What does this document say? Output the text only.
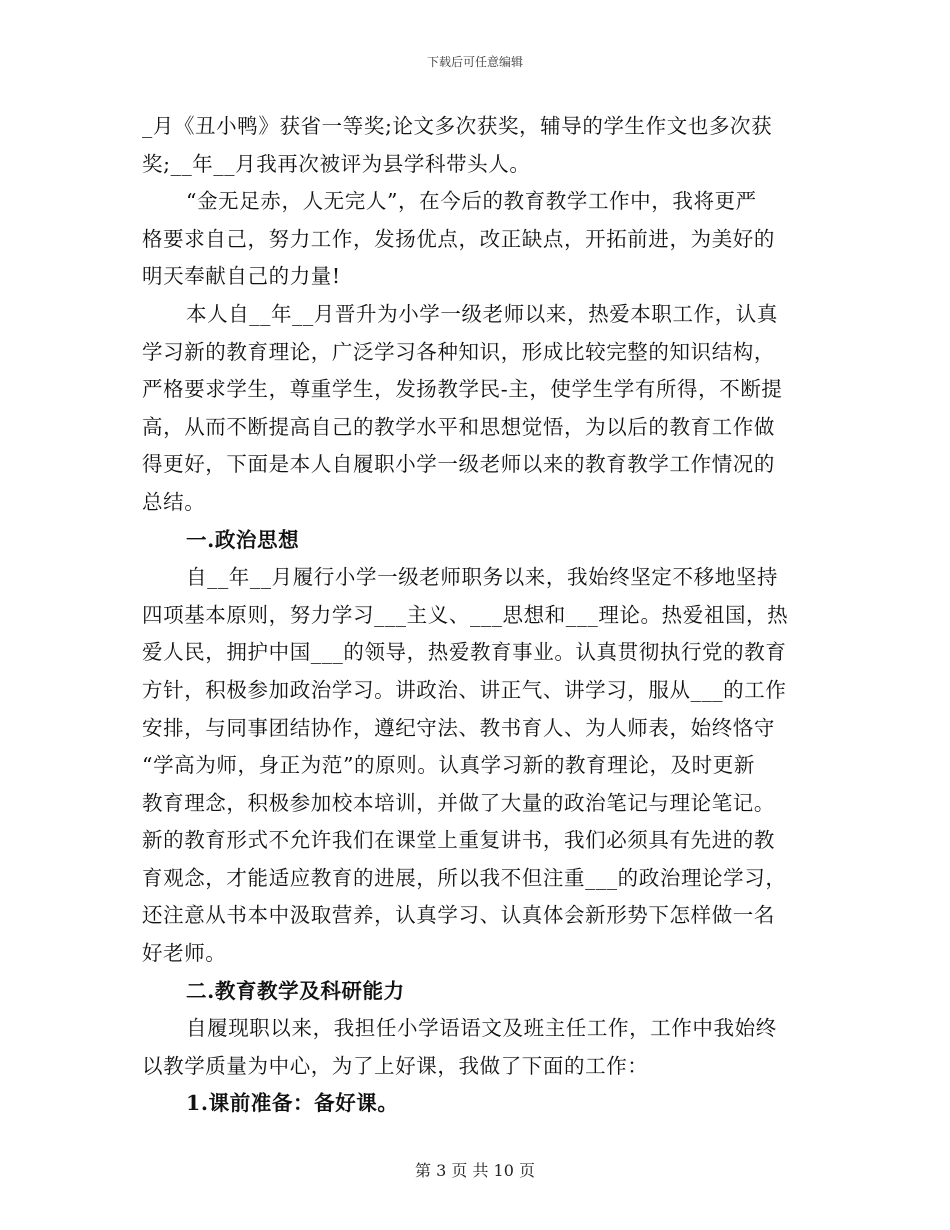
下载后可任意编辑
_月《丑小鸭》获省一等奖;论文多次获奖，辅导的学生作文也多次获
奖;__年__月我再次被评为县学科带头人。
“金无足赤，人无完人”，在今后的教育教学工作中，我将更严
格要求自己，努力工作，发扬优点，改正缺点，开拓前进，为美好的
明天奉献自己的力量!
本人自__年__月晋升为小学一级老师以来，热爱本职工作，认真
学习新的教育理论，广泛学习各种知识，形成比较完整的知识结构，
严格要求学生，尊重学生，发扬教学民-主，使学生学有所得，不断提
高，从而不断提高自己的教学水平和思想觉悟，为以后的教育工作做
得更好，下面是本人自履职小学一级老师以来的教育教学工作情况的
总结。
一.政治思想
自__年__月履行小学一级老师职务以来，我始终坚定不移地坚持
四项基本原则，努力学习___主义、___思想和___理论。热爱祖国，热
爱人民，拥护中国___的领导，热爱教育事业。认真贯彻执行党的教育
方针，积极参加政治学习。讲政治、讲正气、讲学习，服从___的工作
安排，与同事团结协作，遵纪守法、教书育人、为人师表，始终恪守
“学高为师，身正为范”的原则。认真学习新的教育理论，及时更新
教育理念，积极参加校本培训，并做了大量的政治笔记与理论笔记。
新的教育形式不允许我们在课堂上重复讲书，我们必须具有先进的教
育观念，才能适应教育的进展，所以我不但注重___的政治理论学习，
还注意从书本中汲取营养，认真学习、认真体会新形势下怎样做一名
好老师。
二.教育教学及科研能力
自履现职以来，我担任小学语语文及班主任工作，工作中我始终
以教学质量为中心，为了上好课，我做了下面的工作：
1.课前准备：备好课。
第 3 页 共 10 页
